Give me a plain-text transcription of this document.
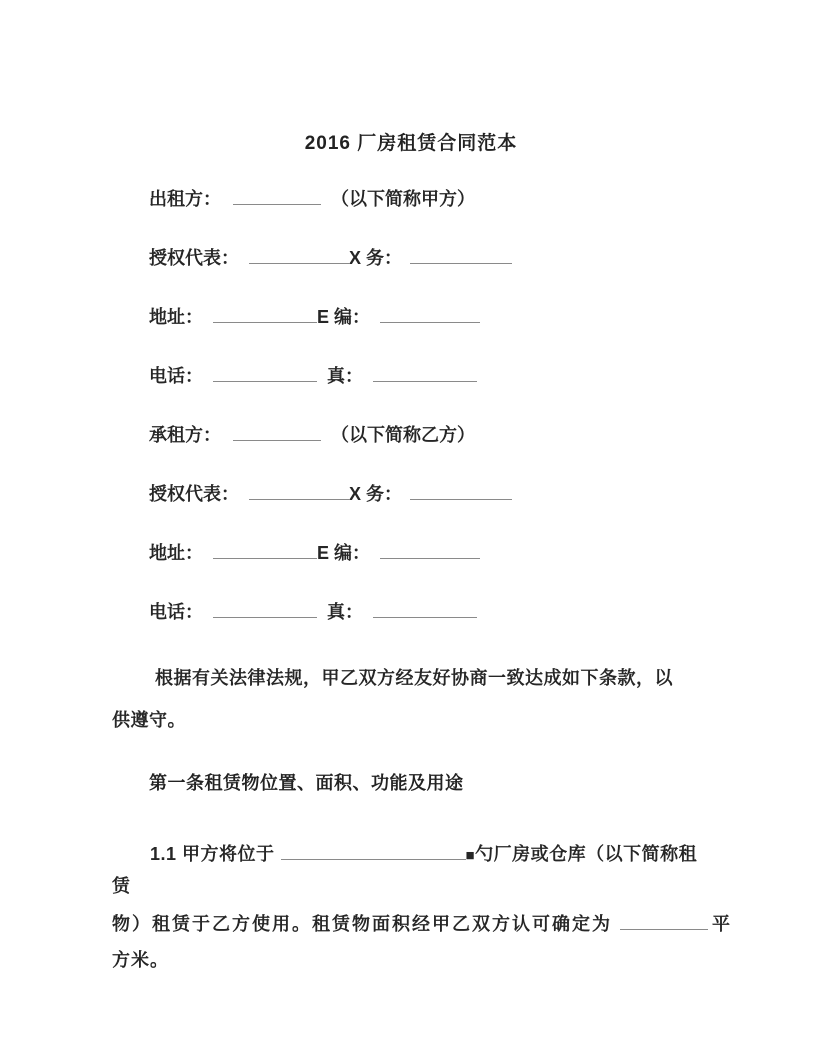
2016 厂房租赁合同范本
出租方：	（以下简称甲方）
授权代表：	X 务：
地址：	E 编：
电话：	真：
承租方：	（以下简称乙方）
授权代表：	X 务：
地址：	E 编：
电话：	真：
根据有关法律法规，甲乙双方经友好协商一致达成如下条款，以
供遵守。
第一条租赁物位置、面积、功能及用途
1.1 甲方将位于	■勺厂房或仓库（以下简称租
赁
物）租赁于乙方使用。租赁物面积经甲乙双方认可确定为	平
方米。
